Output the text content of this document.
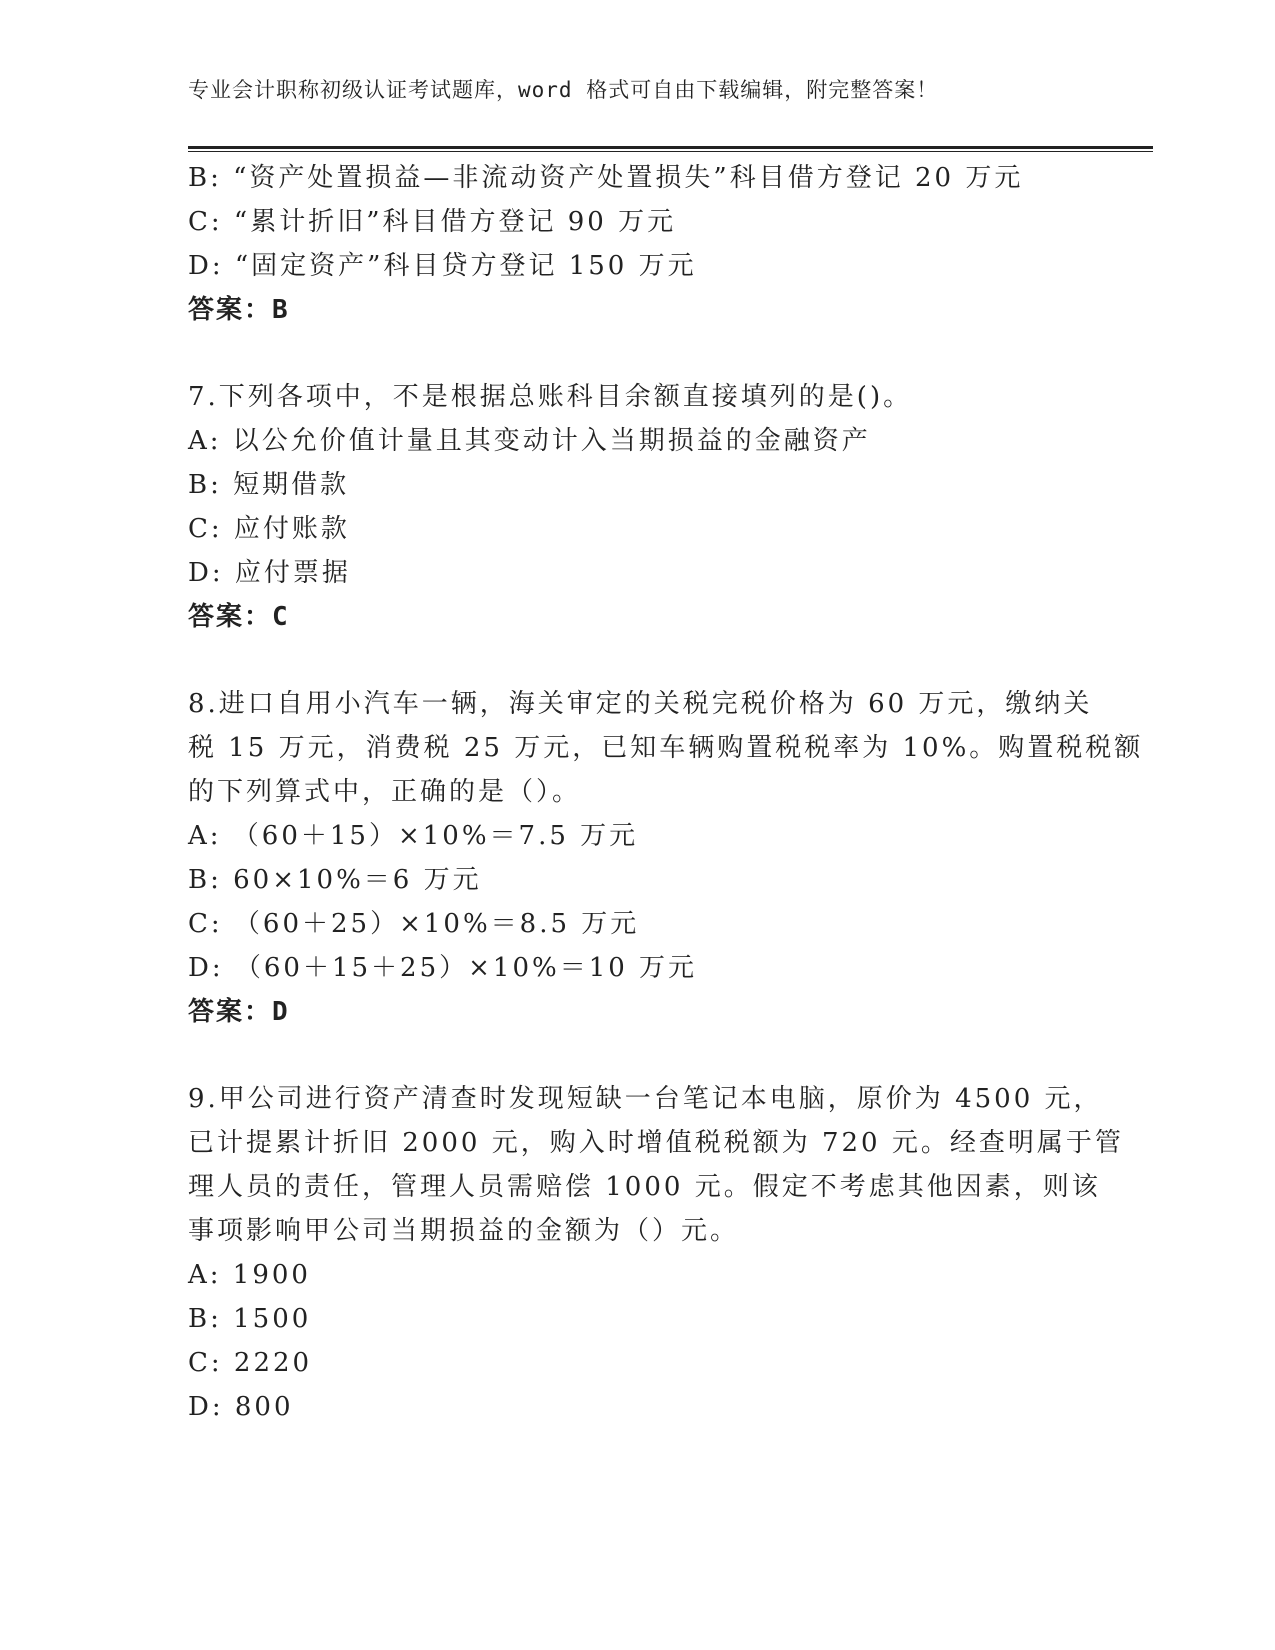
专业会计职称初级认证考试题库，word 格式可自由下载编辑，附完整答案！
B: “资产处置损益—非流动资产处置损失”科目借方登记 20 万元
C: “累计折旧”科目借方登记 90 万元
D: “固定资产”科目贷方登记 150 万元
答案：B
7.下列各项中，不是根据总账科目余额直接填列的是()。
A: 以公允价值计量且其变动计入当期损益的金融资产
B: 短期借款
C: 应付账款
D: 应付票据
答案：C
8.进口自用小汽车一辆，海关审定的关税完税价格为 60 万元，缴纳关
税 15 万元，消费税 25 万元，已知车辆购置税税率为 10%。购置税税额
的下列算式中，正确的是（）。
A: （60＋15）×10%＝7.5 万元
B: 60×10%＝6 万元
C: （60＋25）×10%＝8.5 万元
D: （60＋15＋25）×10%＝10 万元
答案：D
9.甲公司进行资产清查时发现短缺一台笔记本电脑，原价为 4500 元，
已计提累计折旧 2000 元，购入时增值税税额为 720 元。经查明属于管
理人员的责任，管理人员需赔偿 1000 元。假定不考虑其他因素，则该
事项影响甲公司当期损益的金额为（）元。
A: 1900
B: 1500
C: 2220
D: 800
